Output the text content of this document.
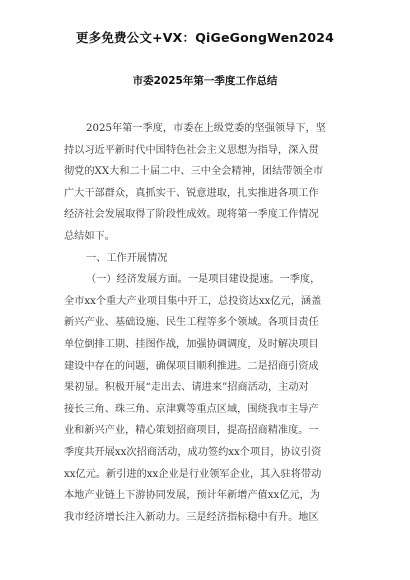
更多免费公文+VX：QiGeGongWen2024
市委2025年第一季度工作总结
2025年第一季度，市委在上级党委的坚强领导下，坚
持以习近平新时代中国特色社会主义思想为指导，深入贯
彻党的XX大和二十届二中、三中全会精神，团结带领全市
广大干部群众，真抓实干、锐意进取，扎实推进各项工作
经济社会发展取得了阶段性成效。现将第一季度工作情况
总结如下。
一、工作开展情况
（一）经济发展方面。一是项目建设提速。一季度，
全市xx个重大产业项目集中开工，总投资达xx亿元，涵盖
新兴产业、基础设施、民生工程等多个领域。各项目责任
单位倒排工期、挂图作战，加强协调调度，及时解决项目
建设中存在的问题，确保项目顺利推进。二是招商引资成
果初显。积极开展“走出去、请进来”招商活动，主动对
接长三角、珠三角、京津冀等重点区域，围绕我市主导产
业和新兴产业，精心策划招商项目，提高招商精准度。一
季度共开展xx次招商活动，成功签约xx个项目，协议引资
xx亿元。新引进的xx企业是行业领军企业，其入驻将带动
本地产业链上下游协同发展，预计年新增产值xx亿元，为
我市经济增长注入新动力。三是经济指标稳中有升。地区
